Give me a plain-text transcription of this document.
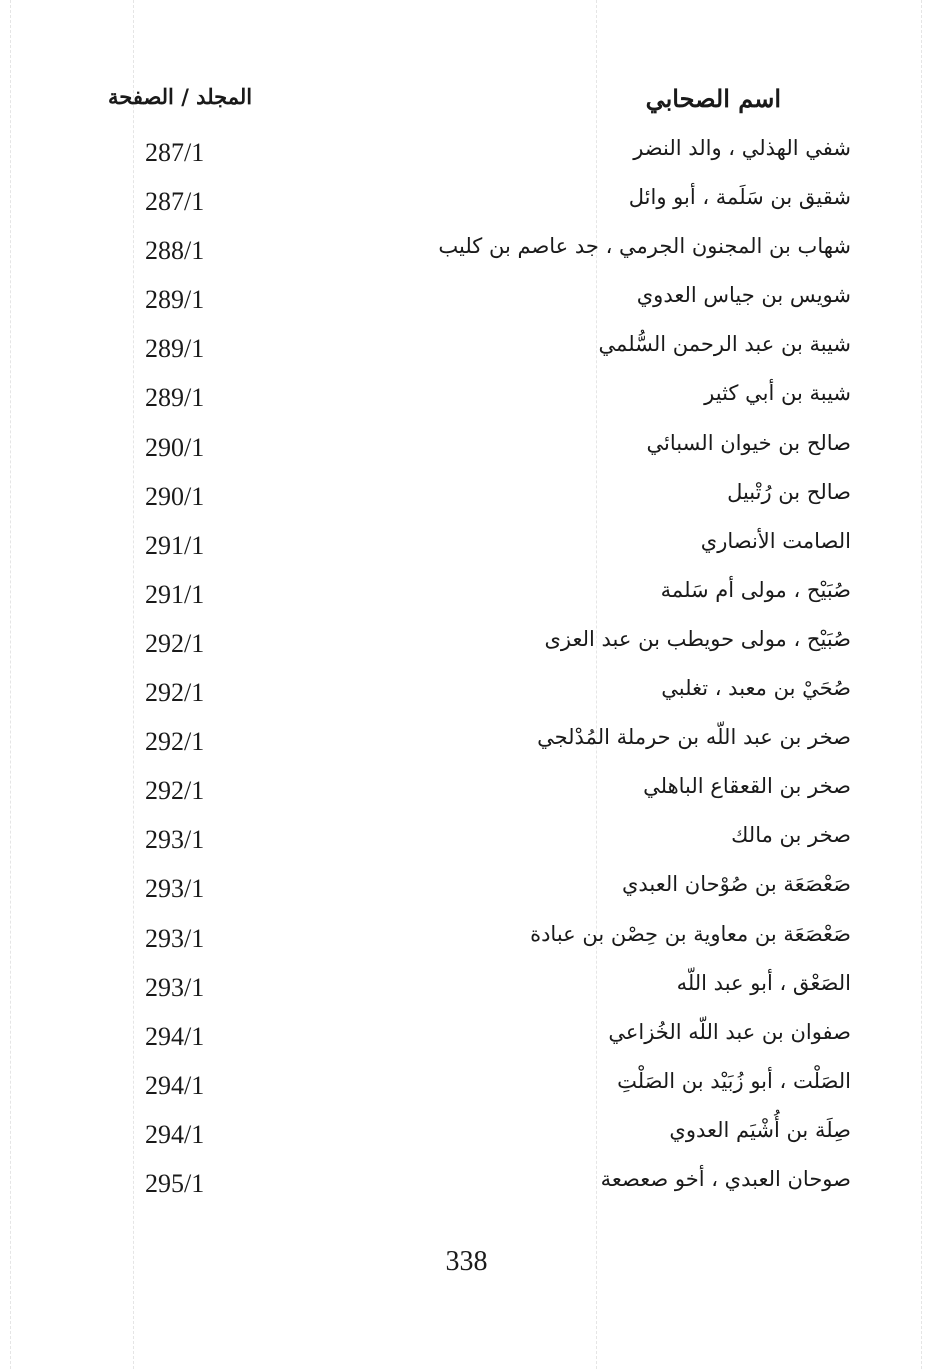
اسم الصحابي
المجلد / الصفحة
شفي الهذلي ، والد النضر
287/1
شقيق بن سَلَمة ، أبو وائل
287/1
شهاب بن المجنون الجرمي ، جد عاصم بن كليب
288/1
شويس بن جياس العدوي
289/1
شيبة بن عبد الرحمن السُّلمي
289/1
شيبة بن أبي كثير
289/1
صالح بن خيوان السبائي
290/1
صالح بن رُتْبيل
290/1
الصامت الأنصاري
291/1
صُبَيْح ، مولى أم سَلمة
291/1
صُبَيْح ، مولى حويطب بن عبد العزى
292/1
صُحَيْ بن معبد ، تغلبي
292/1
صخر بن عبد اللّه بن حرملة المُدْلجي
292/1
صخر بن القعقاع الباهلي
292/1
صخر بن مالك
293/1
صَعْصَعَة بن صُوْحان العبدي
293/1
صَعْصَعَة بن معاوية بن حِصْن بن عبادة
293/1
الصَعْق ، أبو عبد اللّه
293/1
صفوان بن عبد اللّه الخُزاعي
294/1
الصَلْت ، أبو زُبَيْد بن الصَلْتِ
294/1
صِلَة بن أُشْيَم العدوي
294/1
صوحان العبدي ، أخو صعصعة
295/1
338
